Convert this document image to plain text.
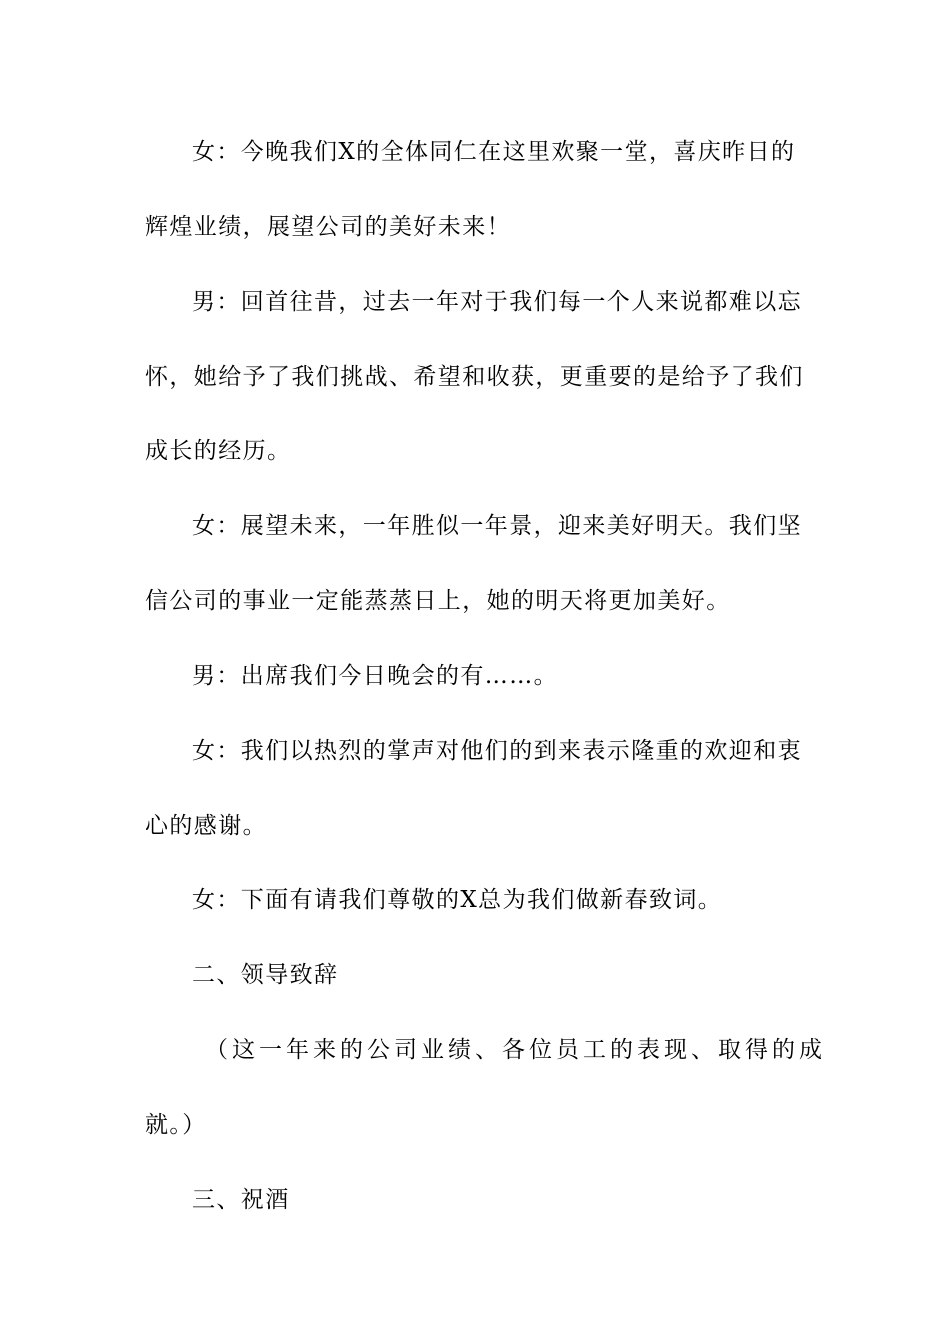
女：今晚我们X的全体同仁在这里欢聚一堂，喜庆昨日的
辉煌业绩，展望公司的美好未来！
男：回首往昔，过去一年对于我们每一个人来说都难以忘
怀，她给予了我们挑战、希望和收获，更重要的是给予了我们
成长的经历。
女：展望未来，一年胜似一年景，迎来美好明天。我们坚
信公司的事业一定能蒸蒸日上，她的明天将更加美好。
男：出席我们今日晚会的有……。
女：我们以热烈的掌声对他们的到来表示隆重的欢迎和衷
心的感谢。
女：下面有请我们尊敬的X总为我们做新春致词。
二、领导致辞
（这一年来的公司业绩、各位员工的表现、取得的成
就。）
三、祝酒
